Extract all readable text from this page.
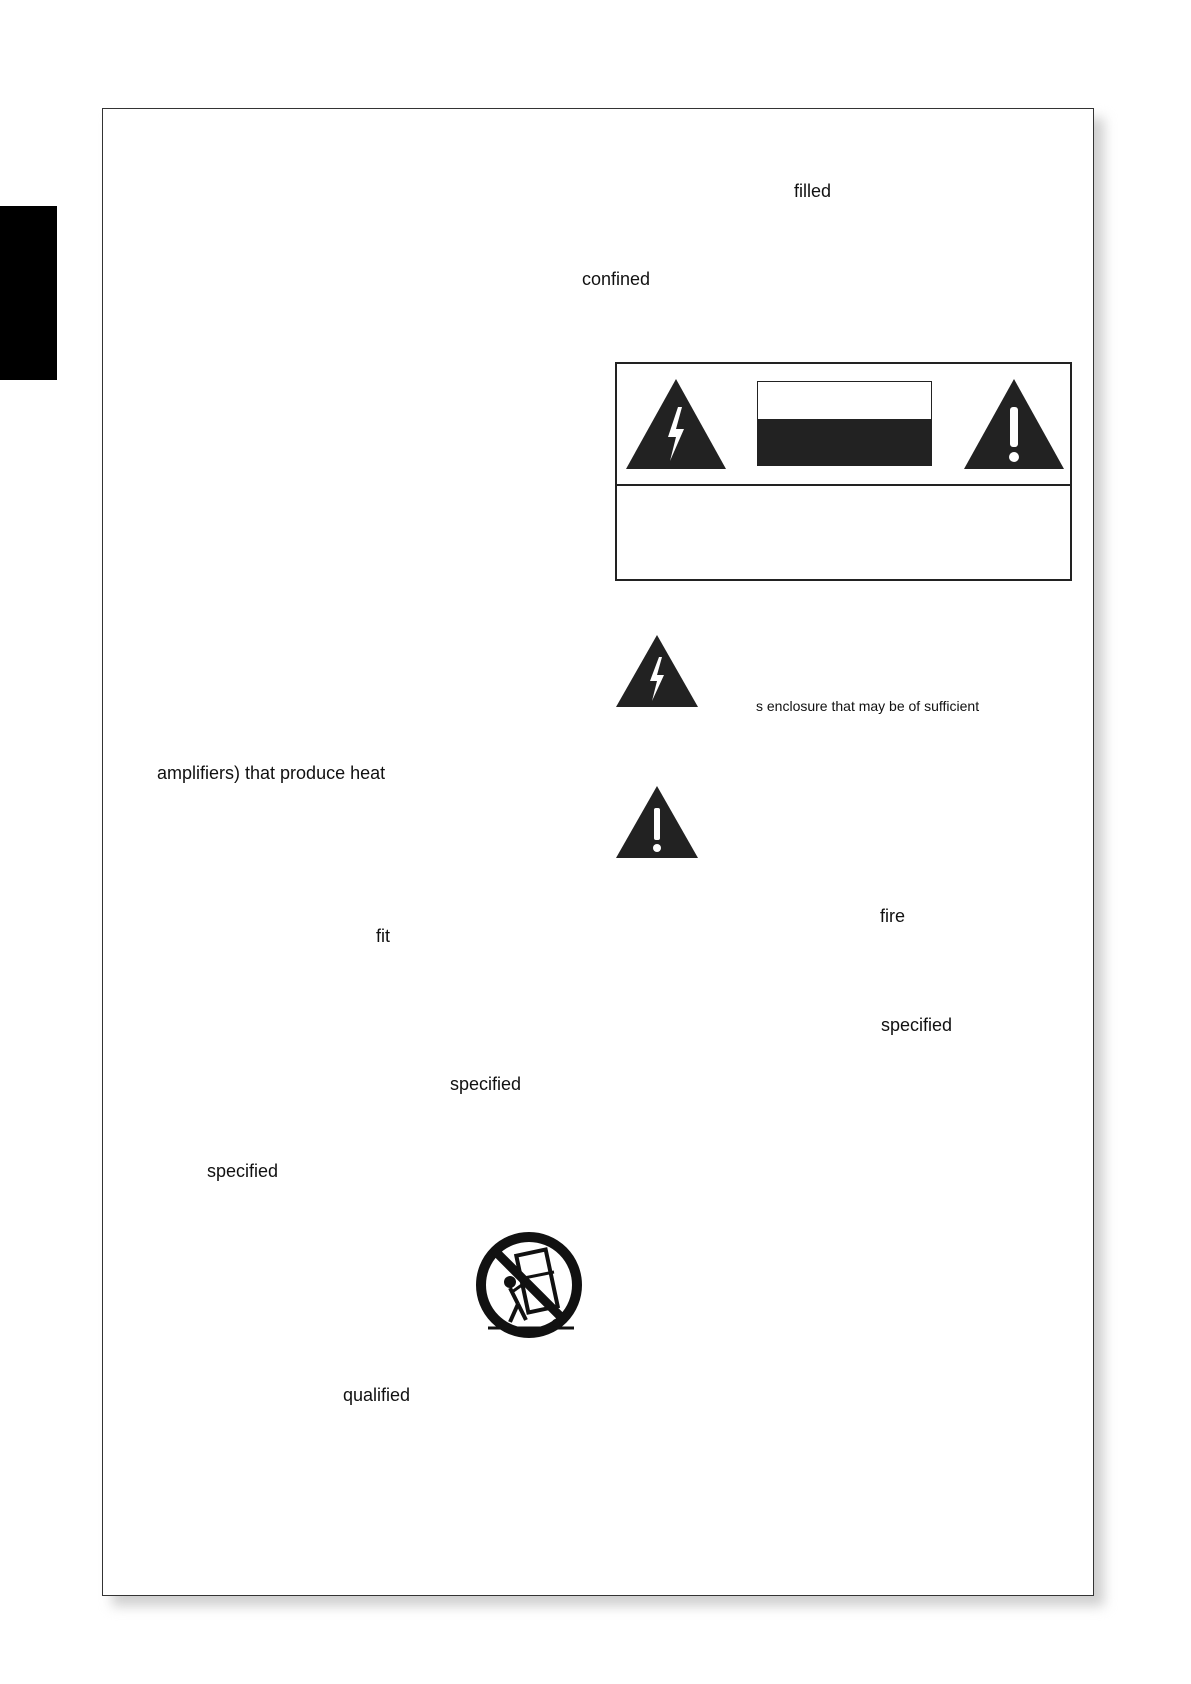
filled
confined
amplifiers) that produce heat
fit
fire
specified
specified
specified
qualified
s enclosure that may be of sufficient
